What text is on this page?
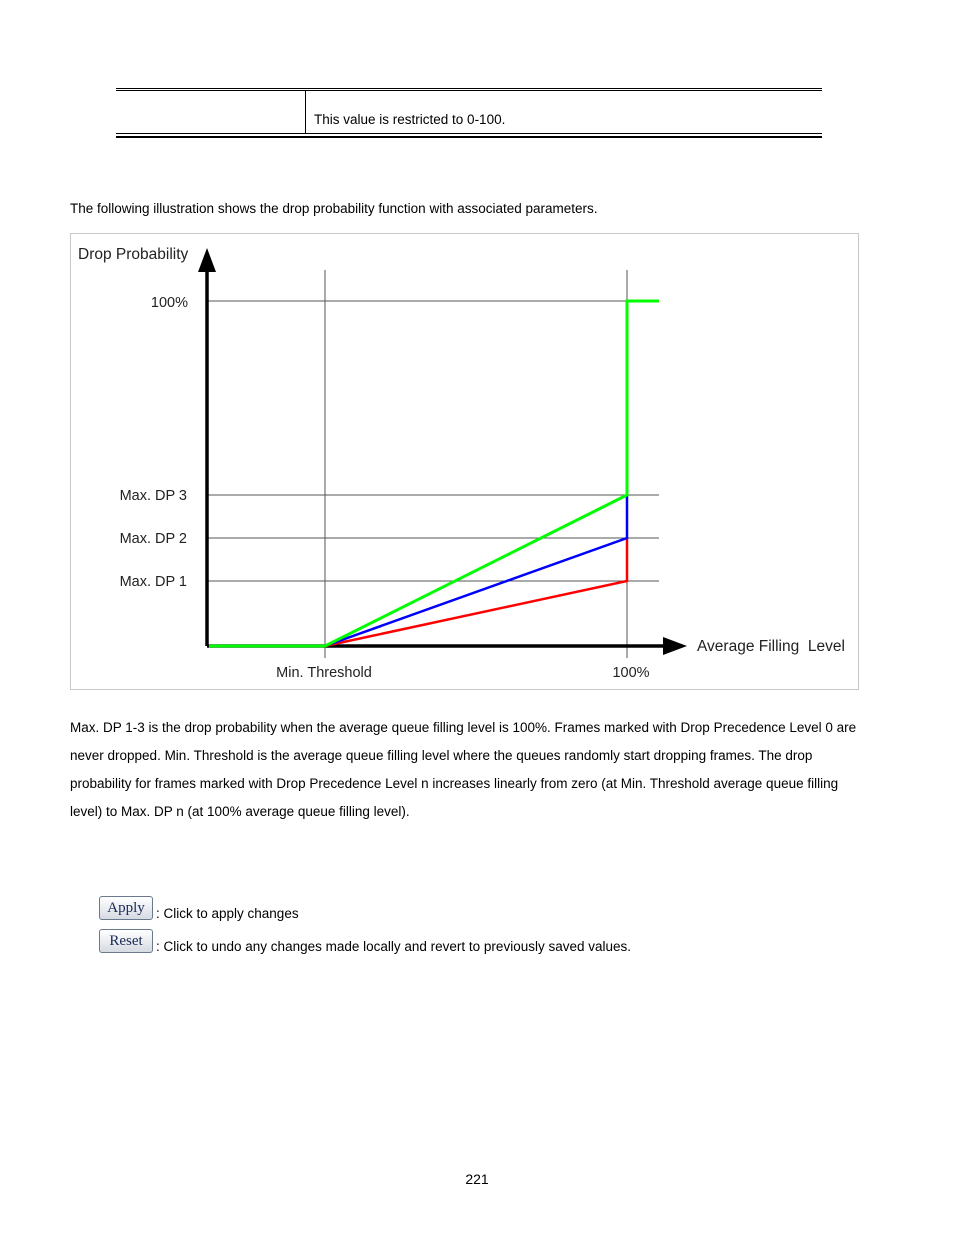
This value is restricted to 0-100.

The following illustration shows the drop probability function with associated parameters.

Drop Probability
100%
Max. DP 3
Max. DP 2
Max. DP 1
Min. Threshold	100%
Average Filling  Level

Max. DP 1-3 is the drop probability when the average queue filling level is 100%. Frames marked with Drop Precedence Level 0 are

never dropped. Min. Threshold is the average queue filling level where the queues randomly start dropping frames. The drop

probability for frames marked with Drop Precedence Level n increases linearly from zero (at Min. Threshold average queue filling

level) to Max. DP n (at 100% average queue filling level).

Apply : Click to apply changes
Reset : Click to undo any changes made locally and revert to previously saved values.
221
